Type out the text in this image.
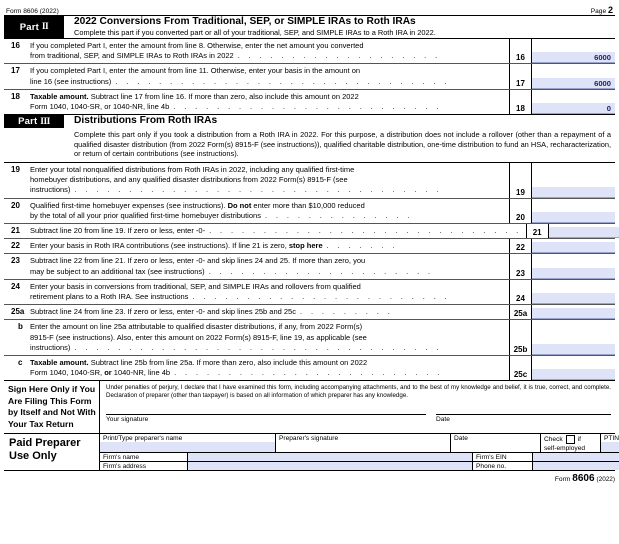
Form 8606 (2022)	Page 2
Part
II	2022 Conversions From Traditional, SEP, or SIMPLE IRAs to Roth IRAs
Complete this part if you converted part or all of your traditional, SEP, and SIMPLE IRAs to a Roth IRA in 2022.
16	If you completed Part I, enter the amount from line 8. Otherwise, enter the net amount you converted

from traditional, SEP, and SIMPLE IRAs to Roth IRAs in 2022 . . . . . . . . . . . . . . . . . . .	16	6000
17	If you completed Part I, enter the amount from line 11. Otherwise, enter your basis in the amount on

line 16 (see instructions) . . . . . . . . . . . . . . . . . . . . . . . . . . . . . . .	17	6000
18	Taxable amount. Subtract line 17 from line 16. If more than zero, also include this amount on 2022

Form 1040, 1040-SR, or 1040-NR, line 4b . . . . . . . . . . . . . . . . . . . . . . . . .	18	0
Part
III Distributions From Roth IRAs
Complete this part only if you took a distribution from a Roth IRA in 2022. For this purpose, a distribution does not include a rollover (other than a repayment of a qualified disaster distribution (from 2022 Form(s) 8915-F (see instructions)), qualified charitable distribution, one-time distribution to fund an HSA, recharacterization, or return of certain contributions (see instructions).
19	Enter your total nonqualified distributions from Roth IRAs in 2022, including any qualified first-time

homebuyer distributions, and any qualified disaster distributions from 2022 Form(s) 8915-F (see

instructions) . . . . . . . . . . . . . . . . . . . . . . . . . . . . . . . . . .	19
20	Qualified first-time homebuyer expenses (see instructions). Do not enter more than $10,000 reduced

by the total of all your prior qualified first-time homebuyer distributions . . . . . . . . . . . . . .	20
21	Subtract line 20 from line 19. If zero or less, enter -0- . . . . . . . . . . . . . . . . . . . . . . . . . . . . .	21
22	Enter your basis in Roth IRA contributions (see instructions). If line 21 is zero, stop here . . . . . . .	22
23	Subtract line 22 from line 21. If zero or less, enter -0- and skip lines 24 and 25. If more than zero, you

may be subject to an additional tax (see instructions) . . . . . . . . . . . . . . . . . . . . .	23
24	Enter your basis in conversions from traditional, SEP, and SIMPLE IRAs and rollovers from qualified

retirement plans to a Roth IRA. See instructions . . . . . . . . . . . . . . . . . . . . . . . .	24
25a Subtract line 24 from line 23. If zero or less, enter -0- and skip lines 25b and 25c . . . . . . . . .	25a
b Enter the amount on line 25a attributable to qualified disaster distributions, if any, from 2022 Form(s)

8915-F (see instructions). Also, enter this amount on 2022 Form(s) 8915-F, line 19, as applicable (see

instructions) . . . . . . . . . . . . . . . . . . . . . . . . . . . . . . . . . .	25b
c	Taxable amount. Subtract line 25b from line 25a. If more than zero, also include this amount on 2022

Form 1040, 1040-SR, or 1040-NR, line 4b . . . . . . . . . . . . . . . . . . . . . . . . .	25c
Sign Here Only if You Are Filing This Form by Itself and Not With Your Tax Return
Under penalties of perjury, I declare that I have examined this form, including accompanying attachments, and to the best of my knowledge and belief, it is true, correct, and complete. Declaration of preparer (other than taxpayer) is based on all information of which preparer has any knowledge.
Your signature	Date
Paid Preparer Use Only
Print/Type preparer's name	Preparer's signature	Date	Check if
self-employed
PTIN
Firm's name	Firm's EIN
Firm's address	Phone no.
Form 8606 (2022)
